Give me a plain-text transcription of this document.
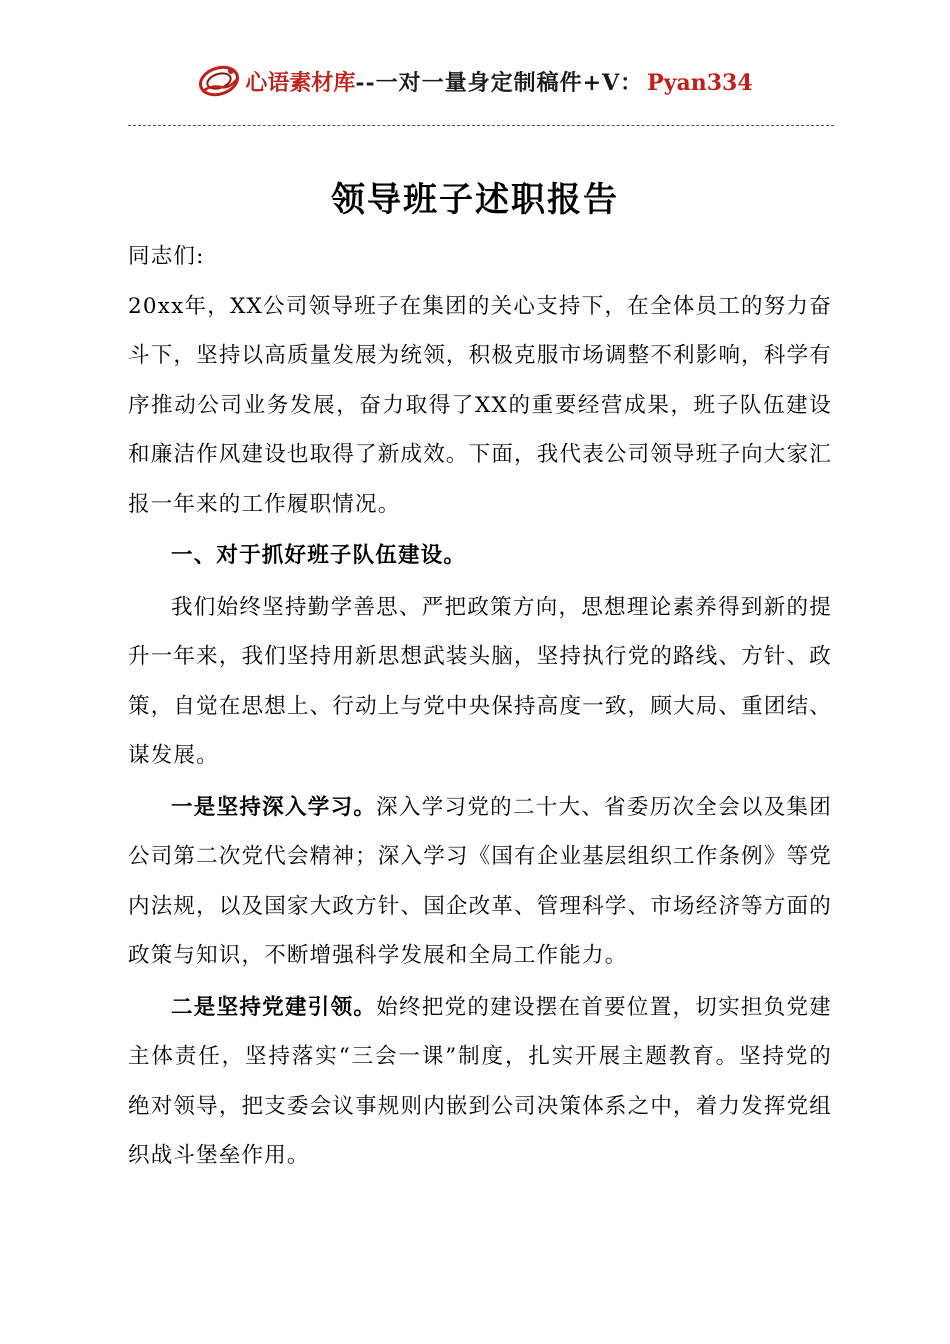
心语素材库 --一对一量身定制稿件+V： Pyan334
领导班子述职报告

同志们:

20xx年，XX公司领导班子在集团的关心支持下，在全体员工的努力奋斗下，坚持以高质量发展为统领，积极克服市场调整不利影响，科学有序推动公司业务发展，奋力取得了XX的重要经营成果，班子队伍建设和廉洁作风建设也取得了新成效。下面，我代表公司领导班子向大家汇报一年来的工作履职情况。

一、对于抓好班子队伍建设。

我们始终坚持勤学善思、严把政策方向，思想理论素养得到新的提升一年来，我们坚持用新思想武装头脑，坚持执行党的路线、方针、政策，自觉在思想上、行动上与党中央保持高度一致，顾大局、重团结、谋发展。

一是坚持深入学习。深入学习党的二十大、省委历次全会以及集团公司第二次党代会精神；深入学习《国有企业基层组织工作条例》等党内法规，以及国家大政方针、国企改革、管理科学、市场经济等方面的政策与知识，不断增强科学发展和全局工作能力。

二是坚持党建引领。始终把党的建设摆在首要位置，切实担负党建主体责任，坚持落实“三会一课”制度，扎实开展主题教育。坚持党的绝对领导，把支委会议事规则内嵌到公司决策体系之中，着力发挥党组织战斗堡垒作用。
